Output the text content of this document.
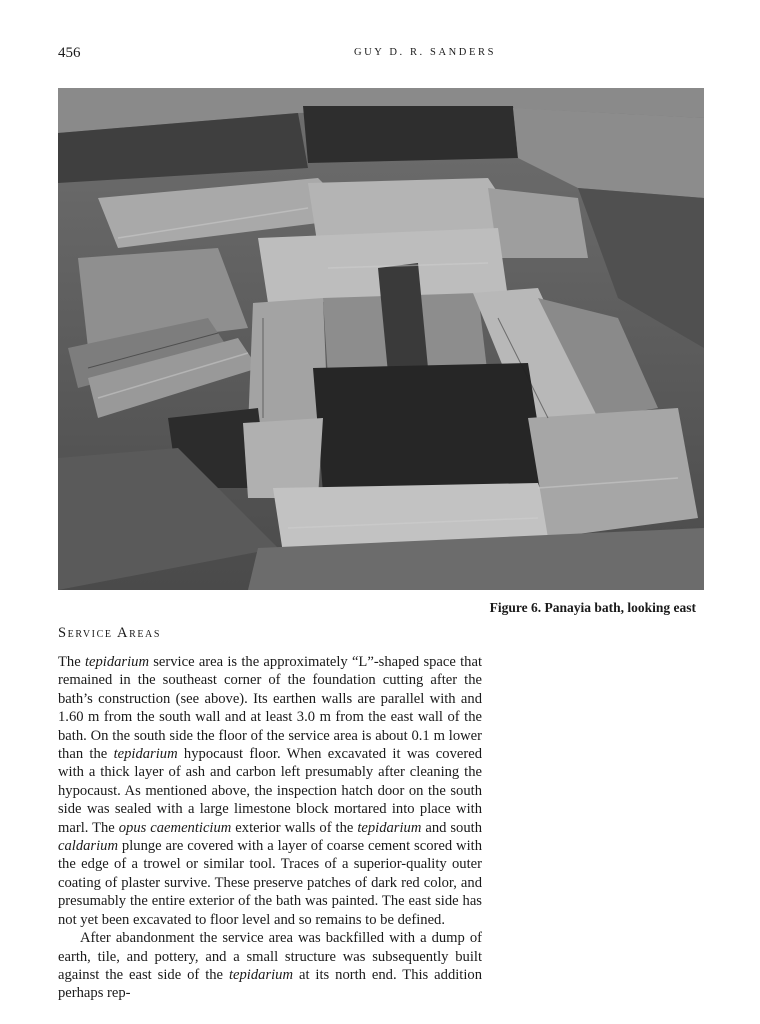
456	GUY D. R. SANDERS
Figure 6. Panayia bath, looking east
Service Areas

The tepidarium service area is the approximately “L”-shaped space that remained in the southeast corner of the foundation cutting after the bath’s construction (see above). Its earthen walls are parallel with and 1.60 m from the south wall and at least 3.0 m from the east wall of the bath. On the south side the floor of the service area is about 0.1 m lower than the tepidarium hypocaust floor. When excavated it was covered with a thick layer of ash and carbon left presumably after cleaning the hypocaust. As mentioned above, the inspection hatch door on the south side was sealed with a large limestone block mortared into place with marl. The opus caementicium exterior walls of the tepidarium and south caldarium plunge are covered with a layer of coarse cement scored with the edge of a trowel or similar tool. Traces of a superior-quality outer coating of plaster survive. These preserve patches of dark red color, and presumably the entire exterior of the bath was painted. The east side has not yet been excavated to floor level and so remains to be defined.

After abandonment the service area was backfilled with a dump of earth, tile, and pottery, and a small structure was subsequently built against the east side of the tepidarium at its north end. This addition perhaps rep-
